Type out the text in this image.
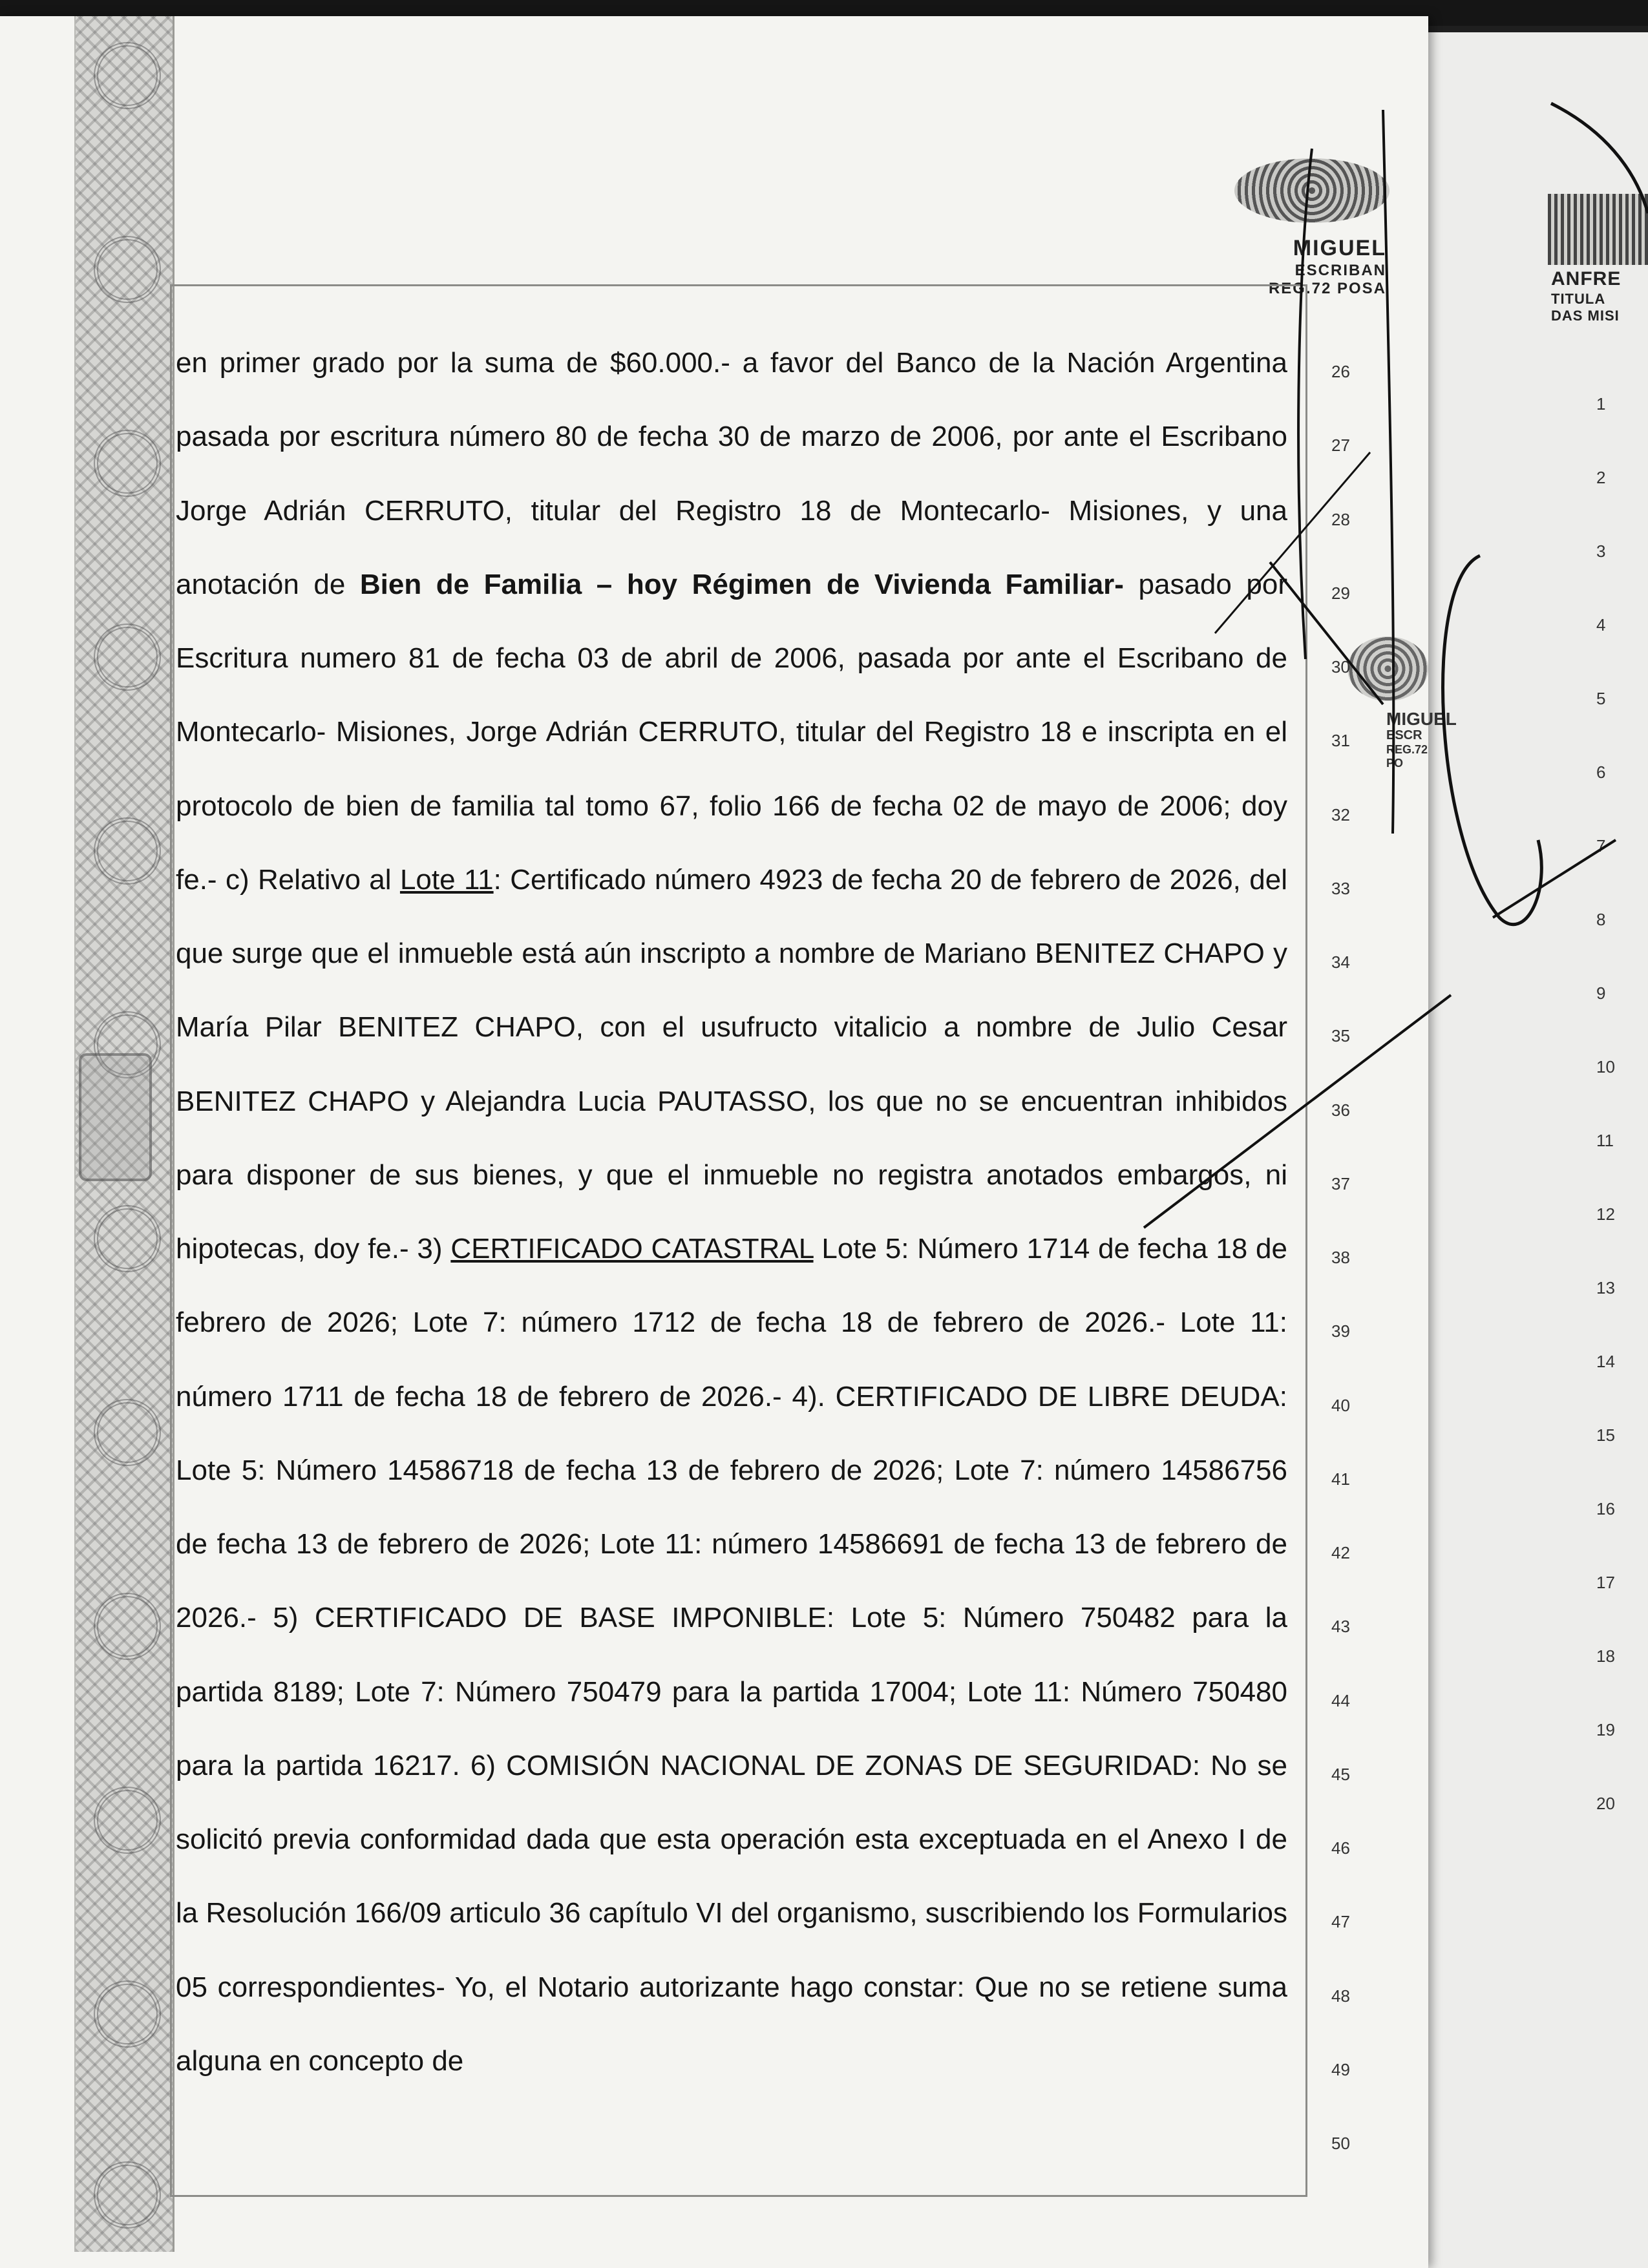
MIGUEL
ESCRIBAN
REG.72 POSA
MIGUEL
ESCR
REG.72 PO
ANFRE
TITULA
DAS MISI

en primer grado por la suma de $60.000.- a favor del Banco de la Nación Argentina pasada por escritura número 80 de fecha 30 de marzo de 2006, por ante el Escribano Jorge Adrián CERRUTO, titular del Registro 18 de Montecarlo- Misiones, y una anotación de Bien de Familia – hoy Régimen de Vivienda Familiar- pasado por Escritura numero 81 de fecha 03 de abril de 2006, pasada por ante el Escribano de Montecarlo- Misiones, Jorge Adrián CERRUTO, titular del Registro 18 e inscripta en el protocolo de bien de familia tal tomo 67, folio 166 de fecha 02 de mayo de 2006; doy fe.- c) Relativo al Lote 11: Certificado número 4923 de fecha 20 de febrero de 2026, del que surge que el inmueble está aún inscripto a nombre de Mariano BENITEZ CHAPO y María Pilar BENITEZ CHAPO, con el usufructo vitalicio a nombre de Julio Cesar BENITEZ CHAPO y Alejandra Lucia PAUTASSO, los que no se encuentran inhibidos para disponer de sus bienes, y que el inmueble no registra anotados embargos, ni hipotecas, doy fe.- 3) CERTIFICADO CATASTRAL Lote 5: Número 1714 de fecha 18 de febrero de 2026; Lote 7: número 1712 de fecha 18 de febrero de 2026.- Lote 11: número 1711 de fecha 18 de febrero de 2026.- 4). CERTIFICADO DE LIBRE DEUDA: Lote 5: Número 14586718 de fecha 13 de febrero de 2026; Lote 7: número 14586756 de fecha 13 de febrero de 2026; Lote 11: número 14586691 de fecha 13 de febrero de 2026.- 5) CERTIFICADO DE BASE IMPONIBLE: Lote 5: Número 750482 para la partida 8189; Lote 7: Número 750479 para la partida 17004; Lote 11: Número 750480 para la partida 16217. 6) COMISIÓN NACIONAL DE ZONAS DE SEGURIDAD: No se solicitó previa conformidad dada que esta operación esta exceptuada en el Anexo I de la Resolución 166/09 articulo 36 capítulo VI del organismo, suscribiendo los Formularios 05 correspondientes- Yo, el Notario autorizante hago constar: Que no se retiene suma alguna en concepto de

26
27
28
29
30
31
32
33
34
35
36
37
38
39
40
41
42
43
44
45
46
47
48
49
50
1
2
3
4
5
6
7
8
9
10
11
12
13
14
15
16
17
18
19
20
